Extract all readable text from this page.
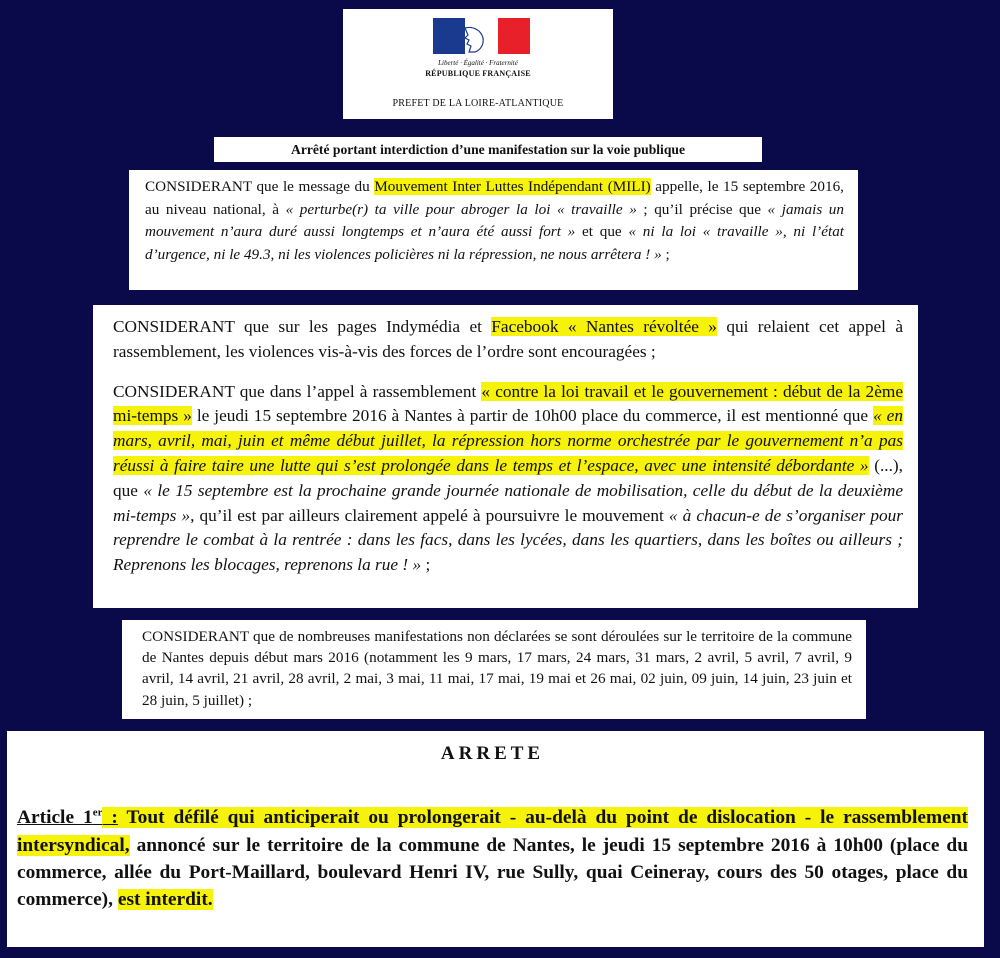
Liberté · Égalité · Fraternité
RÉPUBLIQUE FRANÇAISE
PREFET DE LA LOIRE-ATLANTIQUE
Arrêté portant interdiction d’une manifestation sur la voie publique
CONSIDERANT que le message du Mouvement Inter Luttes Indépendant (MILI) appelle, le 15 septembre 2016, au niveau national, à « perturbe(r) ta ville pour abroger la loi « travaille » ; qu’il précise que « jamais un mouvement n’aura duré aussi longtemps et n’aura été aussi fort » et que « ni la loi « travaille », ni l’état d’urgence, ni le 49.3, ni les violences policières ni la répression, ne nous arrêtera ! » ;
CONSIDERANT que sur les pages Indymédia et Facebook « Nantes révoltée » qui relaient cet appel à rassemblement, les violences vis-à-vis des forces de l’ordre sont encouragées ;
CONSIDERANT que dans l’appel à rassemblement « contre la loi travail et le gouvernement : début de la 2ème mi-temps » le jeudi 15 septembre 2016 à Nantes à partir de 10h00 place du commerce, il est mentionné que « en mars, avril, mai, juin et même début juillet, la répression hors norme orchestrée par le gouvernement n’a pas réussi à faire taire une lutte qui s’est prolongée dans le temps et l’espace, avec une intensité débordante » (...), que « le 15 septembre est la prochaine grande journée nationale de mobilisation, celle du début de la deuxième mi-temps », qu’il est par ailleurs clairement appelé à poursuivre le mouvement « à chacun-e de s’organiser pour reprendre le combat à la rentrée : dans les facs, dans les lycées, dans les quartiers, dans les boîtes ou ailleurs ; Reprenons les blocages, reprenons la rue ! » ;
CONSIDERANT que de nombreuses manifestations non déclarées se sont déroulées sur le territoire de la commune de Nantes depuis début mars 2016 (notamment les 9 mars, 17 mars, 24 mars, 31 mars, 2 avril, 5 avril, 7 avril, 9 avril, 14 avril, 21 avril, 28 avril, 2 mai, 3 mai, 11 mai, 17 mai, 19 mai et 26 mai, 02 juin, 09 juin, 14 juin, 23 juin et 28 juin, 5 juillet) ;
ARRETE
Article 1er : Tout défilé qui anticiperait ou prolongerait - au-delà du point de dislocation - le rassemblement intersyndical, annoncé sur le territoire de la commune de Nantes, le jeudi 15 septembre 2016 à 10h00 (place du commerce, allée du Port-Maillard, boulevard Henri IV, rue Sully, quai Ceineray, cours des 50 otages, place du commerce), est interdit.
